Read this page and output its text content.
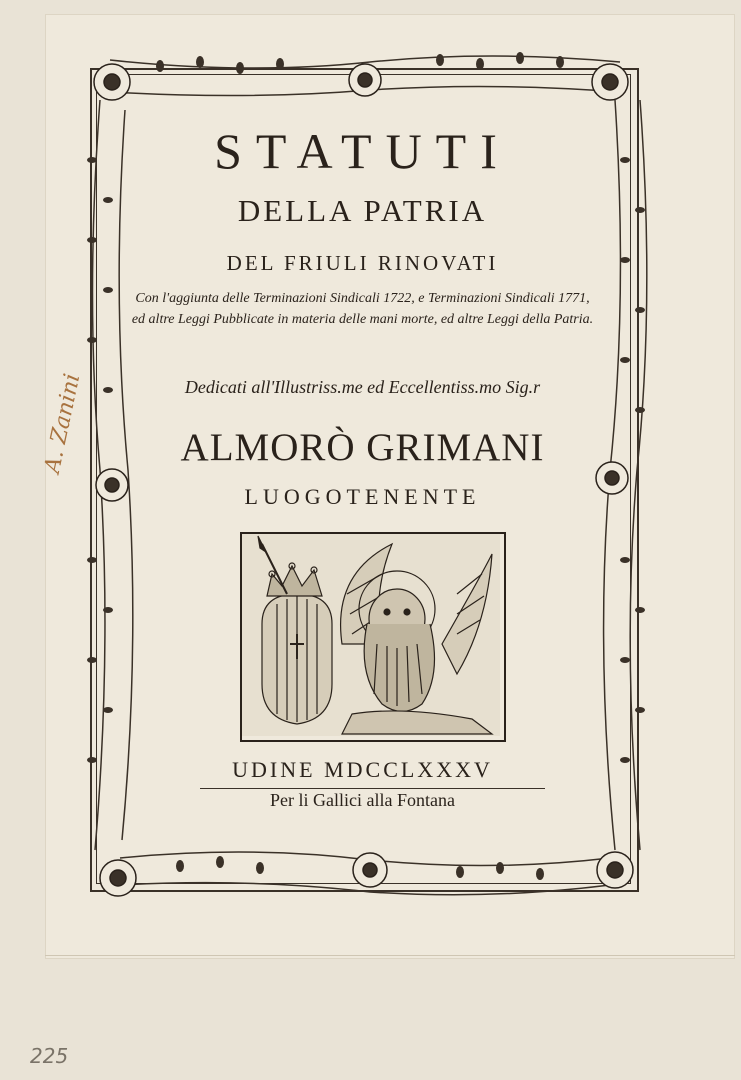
STATUTI
DELLA PATRIA
DEL FRIULI RINOVATI
Con l'aggiunta delle Terminazioni Sindicali 1722, e Terminazioni Sindicali 1771, ed altre Leggi Pubblicate in materia delle mani morte, ed altre Leggi della Patria.
Dedicati all'Illustriss.me ed Eccellentiss.mo Sig.r
ALMORÒ GRIMANI
LUOGOTENENTE
UDINE MDCCLXXXV
Per li Gallici alla Fontana
A. Zanini
225
